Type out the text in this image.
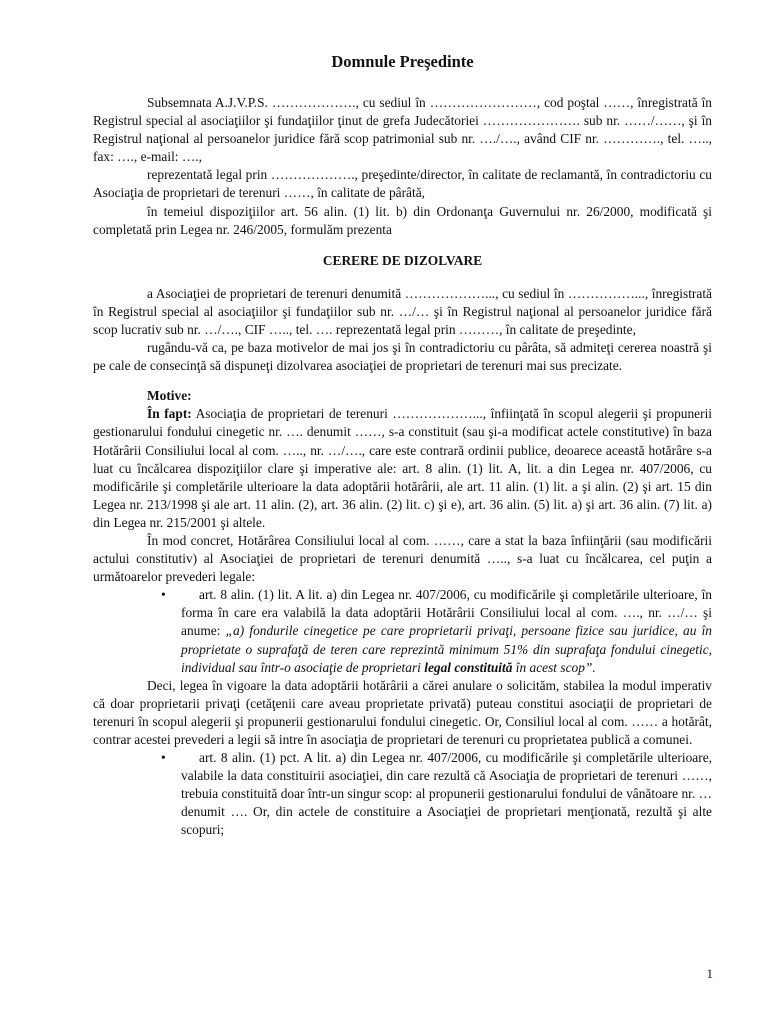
Domnule Preşedinte

Subsemnata A.J.V.P.S. ………………., cu sediul în ……………………, cod poştal ……, înregistrată în Registrul special al asociaţiilor şi fundaţiilor ţinut de grefa Judecătoriei …………………. sub nr. ……/……, şi în Registrul naţional al persoanelor juridice fără scop patrimonial sub nr. …./…., având CIF nr. …………., tel. ….., fax: …., e-mail: ….,

reprezentată legal prin ………………., preşedinte/director, în calitate de reclamantă, în contradictoriu cu Asociaţia de proprietari de terenuri ……, în calitate de pârâtă,

în temeiul dispoziţiilor art. 56 alin. (1) lit. b) din Ordonanţa Guvernului nr. 26/2000, modificată şi completată prin Legea nr. 246/2005, formulăm prezenta

CERERE DE DIZOLVARE

a Asociaţiei de proprietari de terenuri denumită ………………..., cu sediul în ……………..., înregistrată în Registrul special al asociaţiilor şi fundaţiilor sub nr. …/… şi în Registrul naţional al persoanelor juridice fără scop lucrativ sub nr. …/…., CIF ….., tel. …. reprezentată legal prin ………, în calitate de preşedinte,

rugându-vă ca, pe baza motivelor de mai jos şi în contradictoriu cu pârâta, să admiteţi cererea noastră şi pe cale de consecinţă să dispuneţi dizolvarea asociaţiei de proprietari de terenuri mai sus precizate.

Motive:

În fapt: Asociaţia de proprietari de terenuri ………………..., înfiinţată în scopul alegerii şi propunerii gestionarului fondului cinegetic nr. …. denumit ……, s-a constituit (sau şi-a modificat actele constitutive) în baza Hotărârii Consiliului local al com. ….., nr. …/…., care este contrară ordinii publice, deoarece această hotărâre s-a luat cu încălcarea dispoziţiilor clare şi imperative ale: art. 8 alin. (1) lit. A, lit. a din Legea nr. 407/2006, cu modificările şi completările ulterioare la data adoptării hotărârii, ale art. 11 alin. (1) lit. a şi alin. (2) şi art. 15 din Legea nr. 213/1998 şi ale art. 11 alin. (2), art. 36 alin. (2) lit. c) şi e), art. 36 alin. (5) lit. a) şi art. 36 alin. (7) lit. a) din Legea nr. 215/2001 şi altele.

În mod concret, Hotărârea Consiliului local al com. ……, care a stat la baza înfiinţării (sau modificării actului constitutiv) al Asociaţiei de proprietari de terenuri denumită ….., s-a luat cu încălcarea, cel puţin a următoarelor prevederi legale:

• art. 8 alin. (1) lit. A lit. a) din Legea nr. 407/2006, cu modificările şi completările ulterioare, în forma în care era valabilă la data adoptării Hotărârii Consiliului local al com. …., nr. …/… şi anume: „a) fondurile cinegetice pe care proprietarii privaţi, persoane fizice sau juridice, au în proprietate o suprafaţă de teren care reprezintă minimum 51% din suprafaţa fondului cinegetic, individual sau într-o asociaţie de proprietari legal constituită în acest scop”.

Deci, legea în vigoare la data adoptării hotărârii a cărei anulare o solicităm, stabilea la modul imperativ că doar proprietarii privaţi (cetăţenii care aveau proprietate privată) puteau constitui asociaţii de proprietari de terenuri în scopul alegerii şi propunerii gestionarului fondului cinegetic. Or, Consiliul local al com. …… a hotărât, contrar acestei prevederi a legii să intre în asociaţia de proprietari de terenuri cu proprietatea publică a comunei.

• art. 8 alin. (1) pct. A lit. a) din Legea nr. 407/2006, cu modificările şi completările ulterioare, valabile la data constituirii asociaţiei, din care rezultă că Asociaţia de proprietari de terenuri ……, trebuia constituită doar într-un singur scop: al propunerii gestionarului fondului de vânătoare nr. … denumit …. Or, din actele de constituire a Asociaţiei de proprietari menţionată, rezultă şi alte scopuri;
1
